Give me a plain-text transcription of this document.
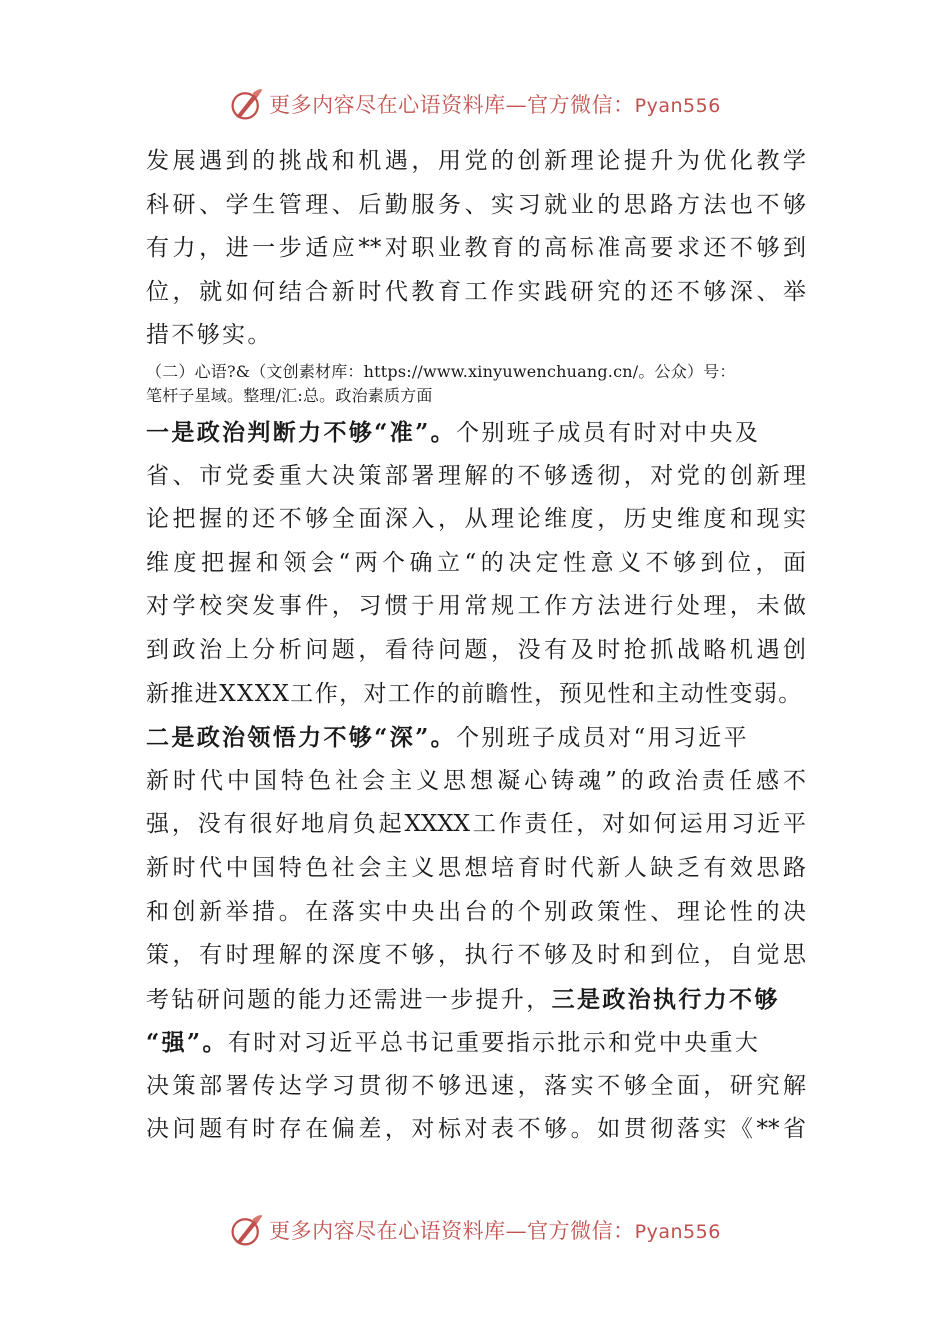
更多内容尽在心语资料库—官方微信：Pyan556
发展遇到的挑战和机遇，用党的创新理论提升为优化教学
科研、学生管理、后勤服务、实习就业的思路方法也不够
有力，进一步适应**对职业教育的高标准高要求还不够到
位，就如何结合新时代教育工作实践研究的还不够深、举
措不够实。
（二）心语?&（文创素材库：https://www.xinyuwenchuang.cn/。公众）号：
笔杆子星域。整理/汇:总。政治素质方面
一是政治判断力不够“准”。个别班子成员有时对中央及
省、市党委重大决策部署理解的不够透彻，对党的创新理
论把握的还不够全面深入，从理论维度，历史维度和现实
维度把握和领会“两个确立“的决定性意义不够到位，面
对学校突发事件，习惯于用常规工作方法进行处理，未做
到政治上分析问题，看待问题，没有及时抢抓战略机遇创
新推进XXXX工作，对工作的前瞻性，预见性和主动性变弱。
二是政治领悟力不够“深”。个别班子成员对“用习近平
新时代中国特色社会主义思想凝心铸魂”的政治责任感不
强，没有很好地肩负起XXXX工作责任，对如何运用习近平
新时代中国特色社会主义思想培育时代新人缺乏有效思路
和创新举措。在落实中央出台的个别政策性、理论性的决
策，有时理解的深度不够，执行不够及时和到位，自觉思
考钻研问题的能力还需进一步提升，三是政治执行力不够
“强”。有时对习近平总书记重要指示批示和党中央重大
决策部署传达学习贯彻不够迅速，落实不够全面，研究解
决问题有时存在偏差，对标对表不够。如贯彻落实《**省
更多内容尽在心语资料库—官方微信：Pyan556
